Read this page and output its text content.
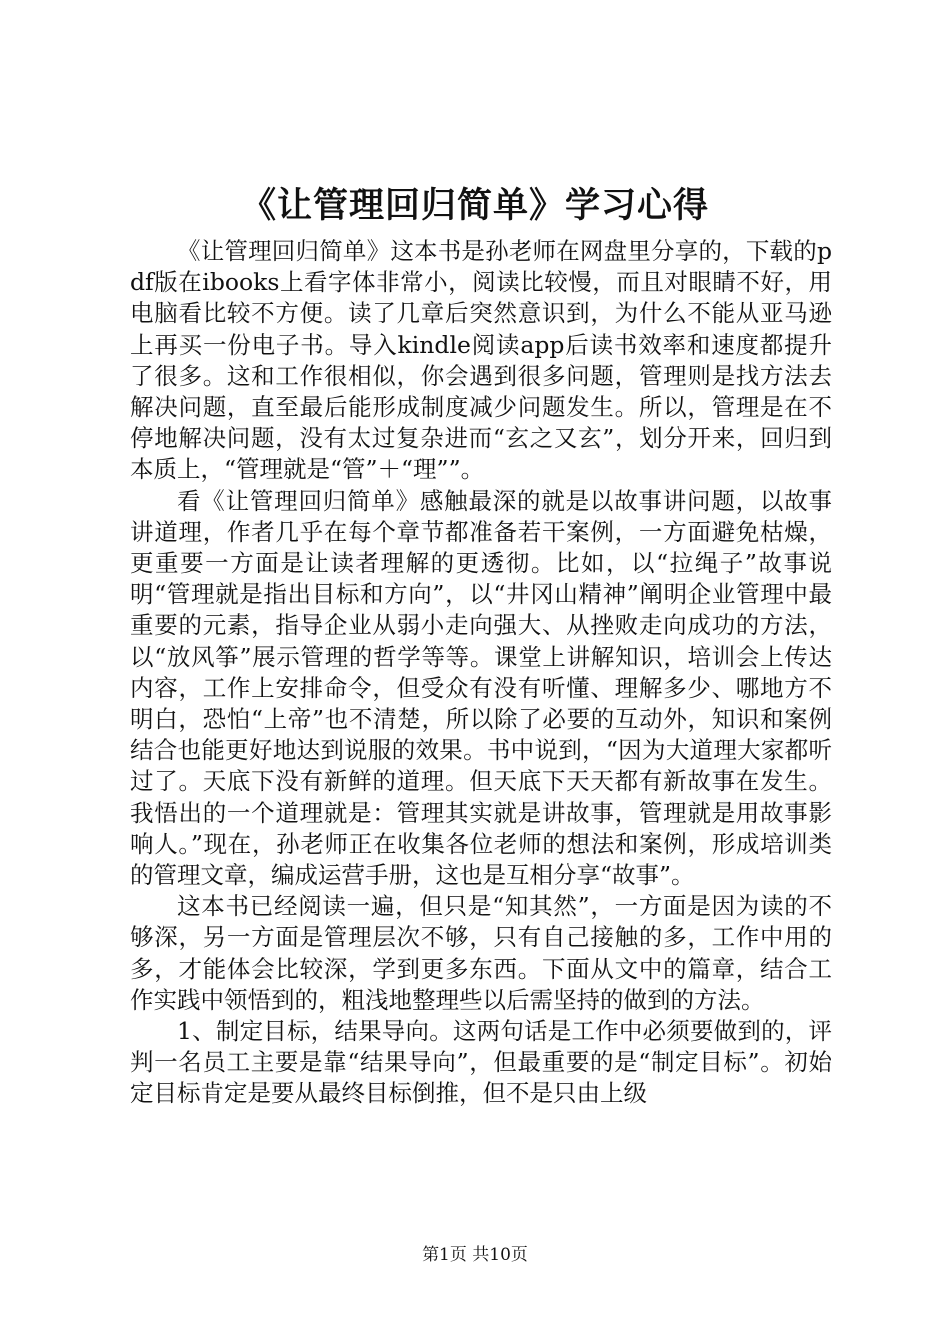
《让管理回归简单》学习心得

《让管理回归简单》这本书是孙老师在网盘里分享的，下载的pdf版在ibooks上看字体非常小，阅读比较慢，而且对眼睛不好，用电脑看比较不方便。读了几章后突然意识到，为什么不能从亚马逊上再买一份电子书。导入kindle阅读app后读书效率和速度都提升了很多。这和工作很相似，你会遇到很多问题，管理则是找方法去解决问题，直至最后能形成制度减少问题发生。所以，管理是在不停地解决问题，没有太过复杂进而“玄之又玄”，划分开来，回归到本质上，“管理就是“管”＋“理””。

看《让管理回归简单》感触最深的就是以故事讲问题，以故事讲道理，作者几乎在每个章节都准备若干案例，一方面避免枯燥，更重要一方面是让读者理解的更透彻。比如，以“拉绳子”故事说明“管理就是指出目标和方向”，以“井冈山精神”阐明企业管理中最重要的元素，指导企业从弱小走向强大、从挫败走向成功的方法，以“放风筝”展示管理的哲学等等。课堂上讲解知识，培训会上传达内容，工作上安排命令，但受众有没有听懂、理解多少、哪地方不明白，恐怕“上帝”也不清楚，所以除了必要的互动外，知识和案例结合也能更好地达到说服的效果。书中说到，“因为大道理大家都听过了。天底下没有新鲜的道理。但天底下天天都有新故事在发生。我悟出的一个道理就是：管理其实就是讲故事，管理就是用故事影响人。”现在，孙老师正在收集各位老师的想法和案例，形成培训类的管理文章，编成运营手册，这也是互相分享“故事”。

这本书已经阅读一遍，但只是“知其然”，一方面是因为读的不够深，另一方面是管理层次不够，只有自己接触的多，工作中用的多，才能体会比较深，学到更多东西。下面从文中的篇章，结合工作实践中领悟到的，粗浅地整理些以后需坚持的做到的方法。

1、制定目标，结果导向。这两句话是工作中必须要做到的，评判一名员工主要是靠“结果导向”，但最重要的是“制定目标”。初始定目标肯定是要从最终目标倒推，但不是只由上级

第1页 共10页
